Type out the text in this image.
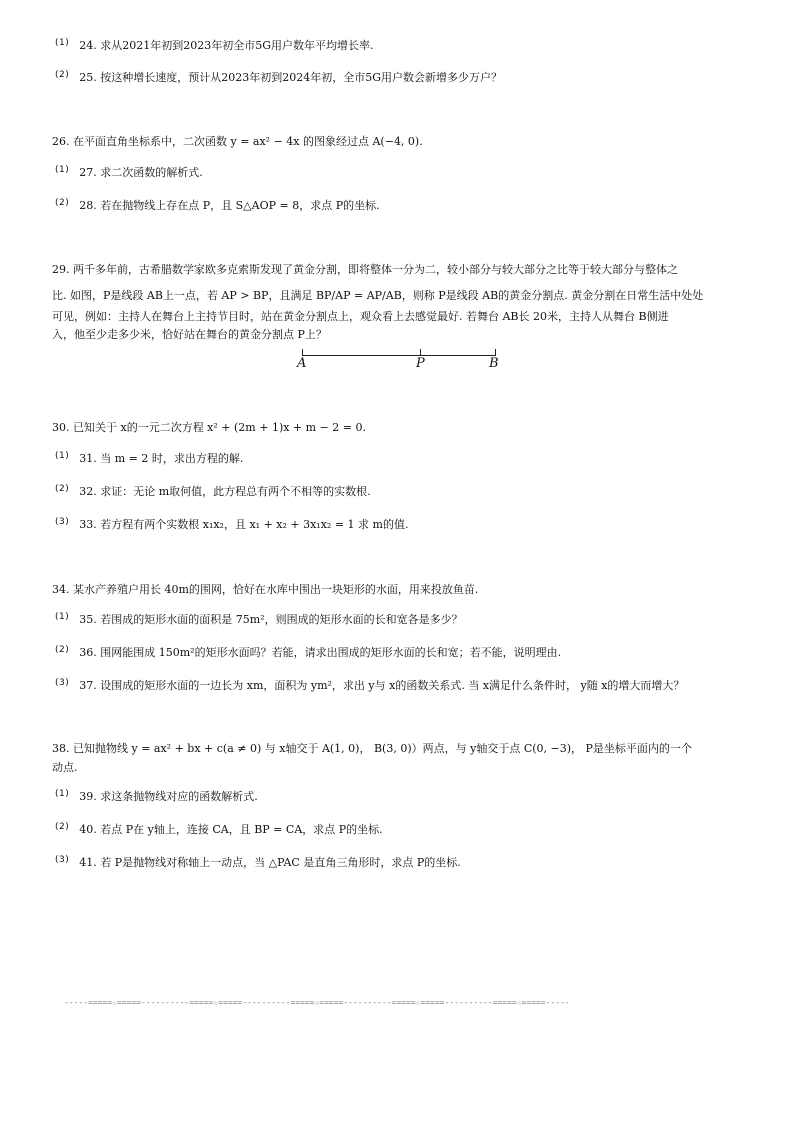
$^{(1)}$ 24. 求从2021年初到2023年初全市5G用户数年平均增长率.
$^{(2)}$ 25. 按这种增长速度，预计从2023年初到2024年初，全市5G用户数会新增多少万户？
26. 在平面直角坐标系中，二次函数 y = ax² − 4x 的图象经过点 A(−4, 0).
$^{(1)}$ 27. 求二次函数的解析式.
$^{(2)}$ 28. 若在抛物线上存在点 P，且 S△AOP = 8，求点 P的坐标.
29. 两千多年前，古希腊数学家欧多克索斯发现了黄金分割，即将整体一分为二，较小部分与较大部分之比等于较大部分与整体之
比. 如图，P是线段 AB上一点，若 AP > BP，且满足 BP/AP = AP/AB，则称 P是线段 AB的黄金分割点. 黄金分割在日常生活中处处
可见，例如：主持人在舞台上主持节目时，站在黄金分割点上，观众看上去感觉最好. 若舞台 AB长 20米，主持人从舞台 B侧进
入，他至少走多少米，恰好站在舞台的黄金分割点 P上？
A	P	B
30. 已知关于 x的一元二次方程 x² + (2m + 1)x + m − 2 = 0.
$^{(1)}$ 31. 当 m = 2 时，求出方程的解.
$^{(2)}$ 32. 求证：无论 m取何值，此方程总有两个不相等的实数根.
$^{(3)}$ 33. 若方程有两个实数根 x₁x₂，且 x₁ + x₂ + 3x₁x₂ = 1 求 m的值.
34. 某水产养殖户用长 40m的围网，恰好在水库中围出一块矩形的水面，用来投放鱼苗.
$^{(1)}$ 35. 若围成的矩形水面的面积是 75m²，则围成的矩形水面的长和宽各是多少？
$^{(2)}$ 36. 围网能围成 150m²的矩形水面吗？若能，请求出围成的矩形水面的长和宽；若不能，说明理由.
$^{(3)}$ 37. 设围成的矩形水面的一边长为 xm，面积为 ym²，求出 y与 x的函数关系式. 当 x满足什么条件时， y随 x的增大而增大？
38. 已知抛物线 y = ax² + bx + c(a ≠ 0) 与 x轴交于 A(1, 0)， B(3, 0)）两点，与 y轴交于点 C(0, −3)， P是坐标平面内的一个
动点.
$^{(1)}$ 39. 求这条抛物线对应的函数解析式.
$^{(2)}$ 40. 若点 P在 y轴上，连接 CA，且 BP = CA，求点 P的坐标.
$^{(3)}$ 41. 若 P是抛物线对称轴上一动点，当 △PAC 是直角三角形时，求点 P的坐标.
-----=====☆=====----------=====☆=====----------=====☆=====----------=====☆=====----------=====☆=====-----
